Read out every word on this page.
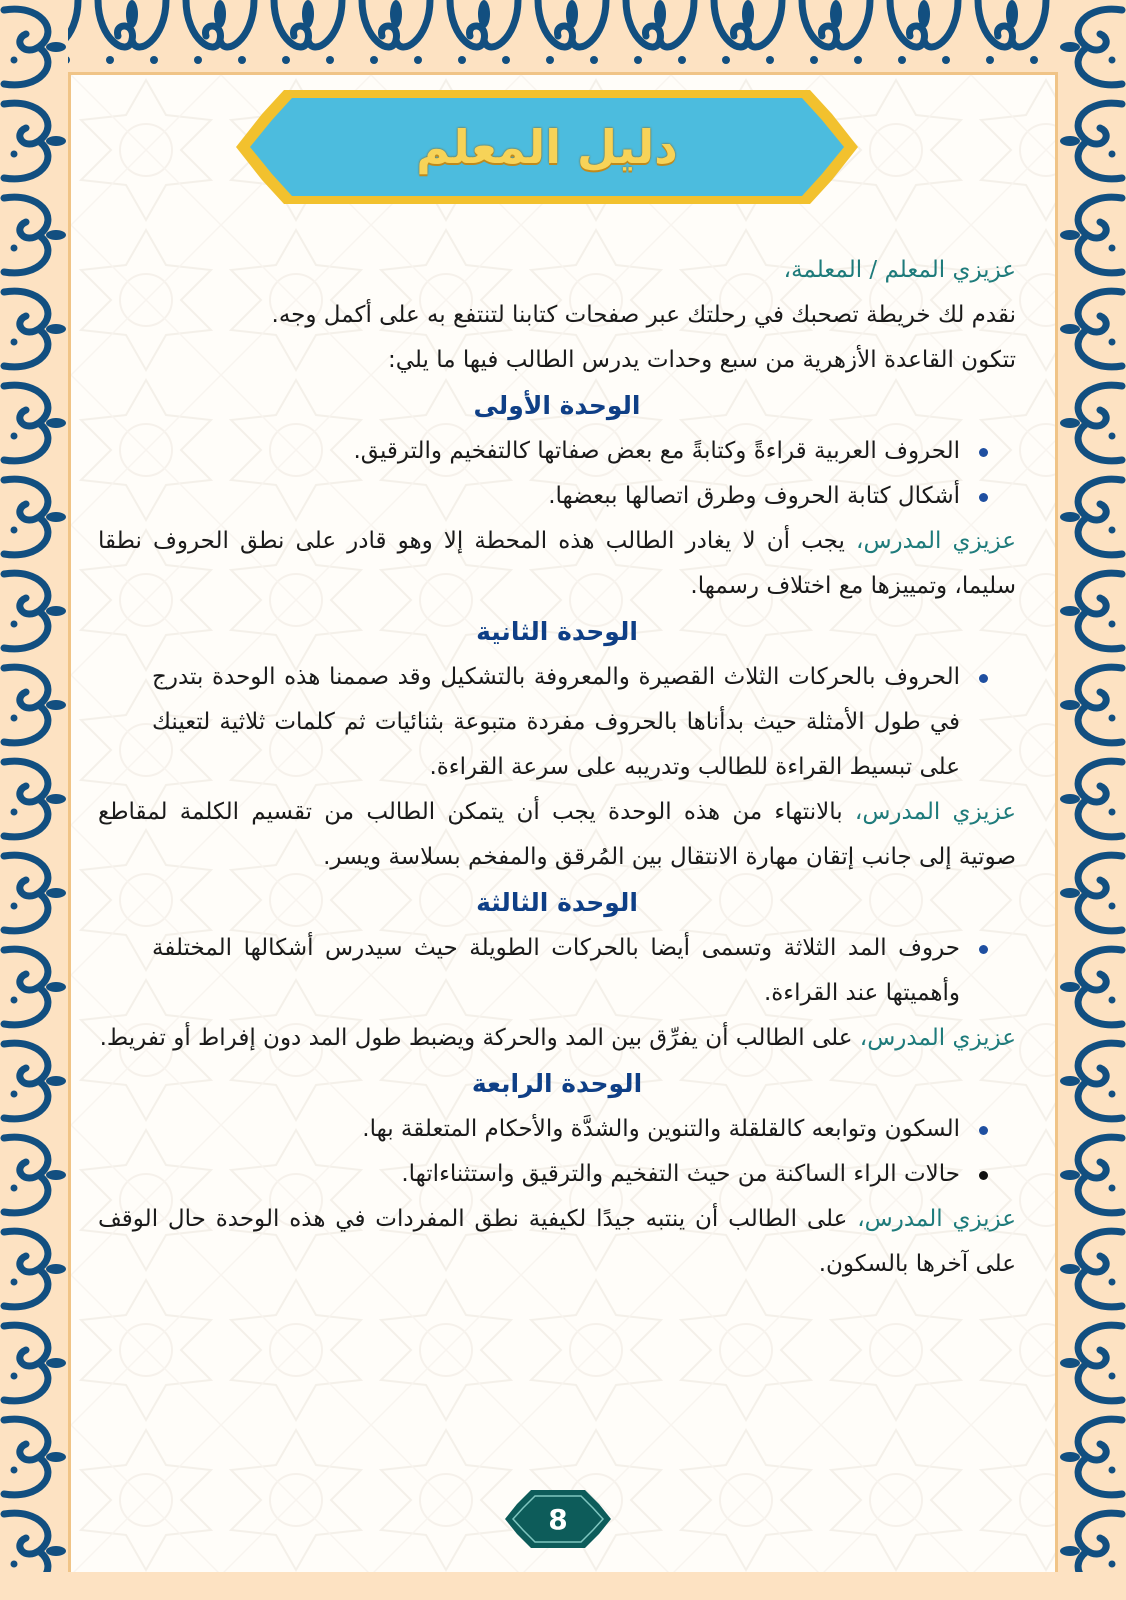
دليل المعلم

عزيزي المعلم / المعلمة،

نقدم لك خريطة تصحبك في رحلتك عبر صفحات كتابنا لتنتفع به على أكمل وجه.

تتكون القاعدة الأزهرية من سبع وحدات يدرس الطالب فيها ما يلي:

الوحدة الأولى

الحروف العربية قراءةً وكتابةً مع بعض صفاتها كالتفخيم والترقيق.
أشكال كتابة الحروف وطرق اتصالها ببعضها.

عزيزي المدرس، يجب أن لا يغادر الطالب هذه المحطة إلا وهو قادر على نطق الحروف نطقا سليما، وتمييزها مع اختلاف رسمها.

الوحدة الثانية

الحروف بالحركات الثلاث القصيرة والمعروفة بالتشكيل وقد صممنا هذه الوحدة بتدرج في طول الأمثلة حيث بدأناها بالحروف مفردة متبوعة بثنائيات ثم كلمات ثلاثية لتعينك على تبسيط القراءة للطالب وتدريبه على سرعة القراءة.

عزيزي المدرس، بالانتهاء من هذه الوحدة يجب أن يتمكن الطالب من تقسيم الكلمة لمقاطع صوتية إلى جانب إتقان مهارة الانتقال بين المُرقق والمفخم بسلاسة ويسر.

الوحدة الثالثة

حروف المد الثلاثة وتسمى أيضا بالحركات الطويلة حيث سيدرس أشكالها المختلفة وأهميتها عند القراءة.

عزيزي المدرس، على الطالب أن يفرِّق بين المد والحركة ويضبط طول المد دون إفراط أو تفريط.

الوحدة الرابعة

السكون وتوابعه كالقلقلة والتنوين والشدَّة والأحكام المتعلقة بها.
حالات الراء الساكنة من حيث التفخيم والترقيق واستثناءاتها.

عزيزي المدرس، على الطالب أن ينتبه جيدًا لكيفية نطق المفردات في هذه الوحدة حال الوقف على آخرها بالسكون.

8
